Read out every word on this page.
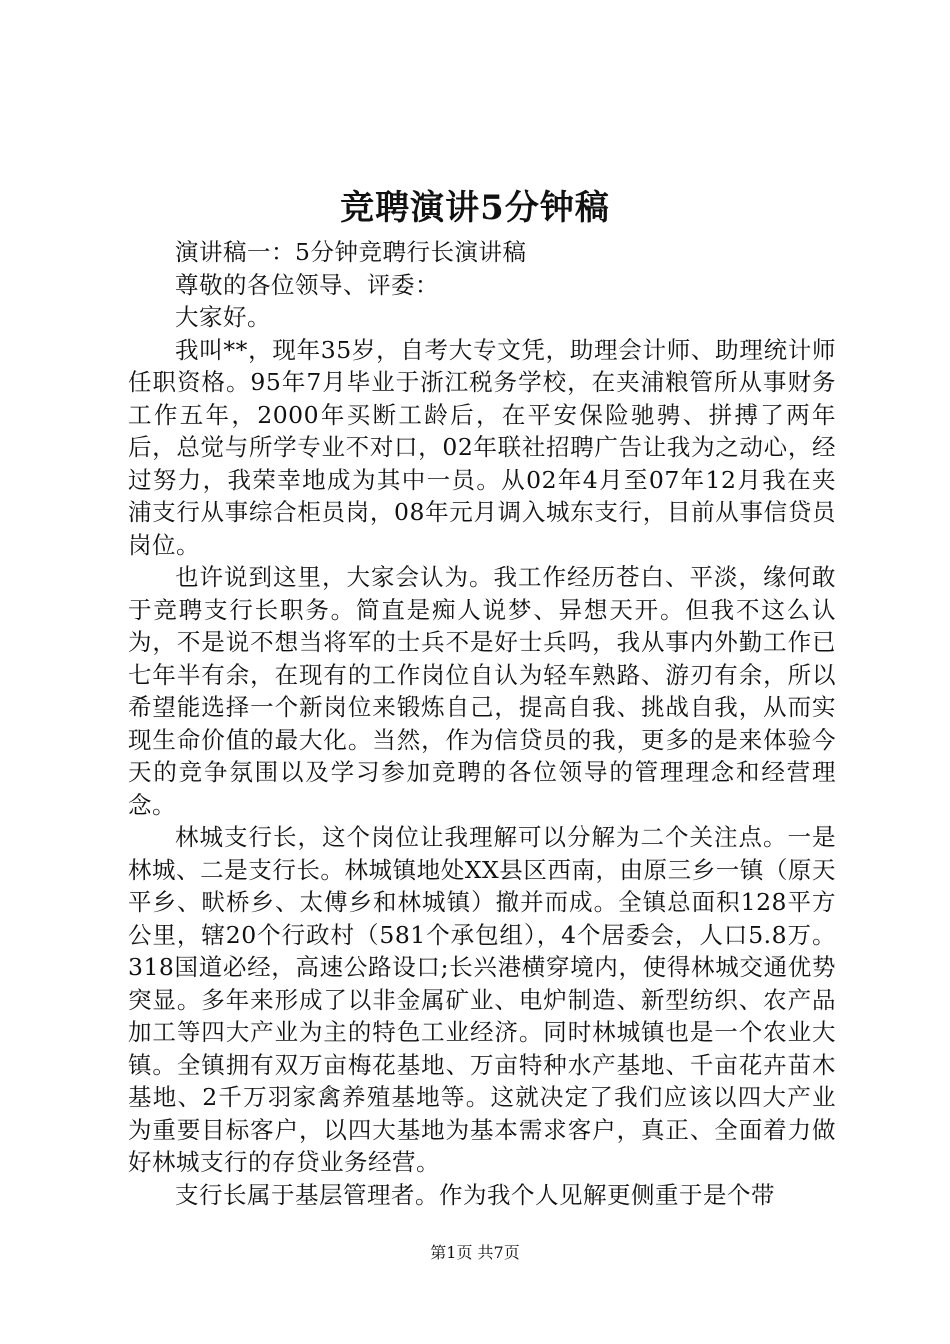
竞聘演讲5分钟稿

演讲稿一：5分钟竞聘行长演讲稿

尊敬的各位领导、评委：

大家好。

我叫**，现年35岁，自考大专文凭，助理会计师、助理统计师任职资格。95年7月毕业于浙江税务学校，在夹浦粮管所从事财务工作五年，2000年买断工龄后，在平安保险驰骋、拼搏了两年后，总觉与所学专业不对口，02年联社招聘广告让我为之动心，经过努力，我荣幸地成为其中一员。从02年4月至07年12月我在夹浦支行从事综合柜员岗，08年元月调入城东支行，目前从事信贷员岗位。

也许说到这里，大家会认为。我工作经历苍白、平淡，缘何敢于竞聘支行长职务。简直是痴人说梦、异想天开。但我不这么认为，不是说不想当将军的士兵不是好士兵吗，我从事内外勤工作已七年半有余，在现有的工作岗位自认为轻车熟路、游刃有余，所以希望能选择一个新岗位来锻炼自己，提高自我、挑战自我，从而实现生命价值的最大化。当然，作为信贷员的我，更多的是来体验今天的竞争氛围以及学习参加竞聘的各位领导的管理理念和经营理念。

林城支行长，这个岗位让我理解可以分解为二个关注点。一是林城、二是支行长。林城镇地处XX县区西南，由原三乡一镇（原天平乡、畎桥乡、太傅乡和林城镇）撤并而成。全镇总面积128平方公里，辖20个行政村（581个承包组），4个居委会，人口5.8万。318国道必经，高速公路设口;长兴港横穿境内，使得林城交通优势突显。多年来形成了以非金属矿业、电炉制造、新型纺织、农产品加工等四大产业为主的特色工业经济。同时林城镇也是一个农业大镇。全镇拥有双万亩梅花基地、万亩特种水产基地、千亩花卉苗木基地、2千万羽家禽养殖基地等。这就决定了我们应该以四大产业为重要目标客户，以四大基地为基本需求客户，真正、全面着力做好林城支行的存贷业务经营。

支行长属于基层管理者。作为我个人见解更侧重于是个带

第1页 共7页
